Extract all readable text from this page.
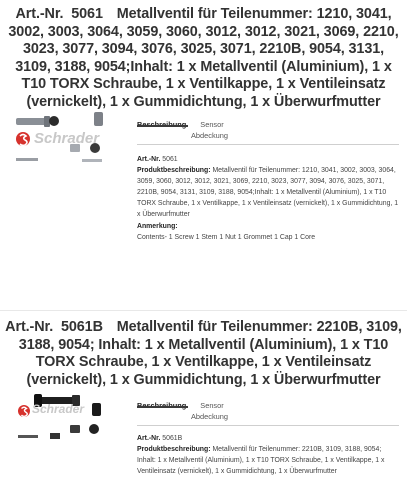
Art.-Nr. 5061 Metallventil für Teilenummer: 1210, 3041, 3002, 3003, 3064, 3059, 3060, 3012, 3012, 3021, 3069, 2210, 3023, 3077, 3094, 3076, 3025, 3071, 2210B, 9054, 3131, 3109, 3188, 9054;Inhalt: 1 x Metallventil (Aluminium), 1 x T10 TORX Schraube, 1 x Ventilkappe, 1 x Ventileinsatz (vernickelt), 1 x Gummidichtung, 1 x Überwurfmutter
Schrader
Sensor
Abdeckung
Art.-Nr. 5061
Produktbeschreibung: Metallventil für Teilenummer: 1210, 3041, 3002, 3003, 3064, 3059, 3060, 3012, 3012, 3021, 3069, 2210, 3023, 3077, 3094, 3076, 3025, 3071, 2210B, 9054, 3131, 3109, 3188, 9054;Inhalt: 1 x Metallventil (Aluminium), 1 x T10 TORX Schraube, 1 x Ventilkappe, 1 x Ventileinsatz (vernickelt), 1 x Gummidichtung, 1 x Überwurfmutter
Anmerkung:
Contents- 1 Screw 1 Stem 1 Nut 1 Grommet 1 Cap 1 Core
Art.-Nr. 5061B Metallventil für Teilenummer: 2210B, 3109, 3188, 9054; Inhalt: 1 x Metallventil (Aluminium), 1 x T10 TORX Schraube, 1 x Ventilkappe, 1 x Ventileinsatz (vernickelt), 1 x Gummidichtung, 1 x Überwurfmutter
Schrader	Sensor
Abdeckung
Art.-Nr. 5061B
Produktbeschreibung: Metallventil für Teilenummer: 2210B, 3109, 3188, 9054; Inhalt: 1 x Metallventil (Aluminium), 1 x T10 TORX Schraube, 1 x Ventilkappe, 1 x Ventileinsatz (vernickelt), 1 x Gummidichtung, 1 x Überwurfmutter
